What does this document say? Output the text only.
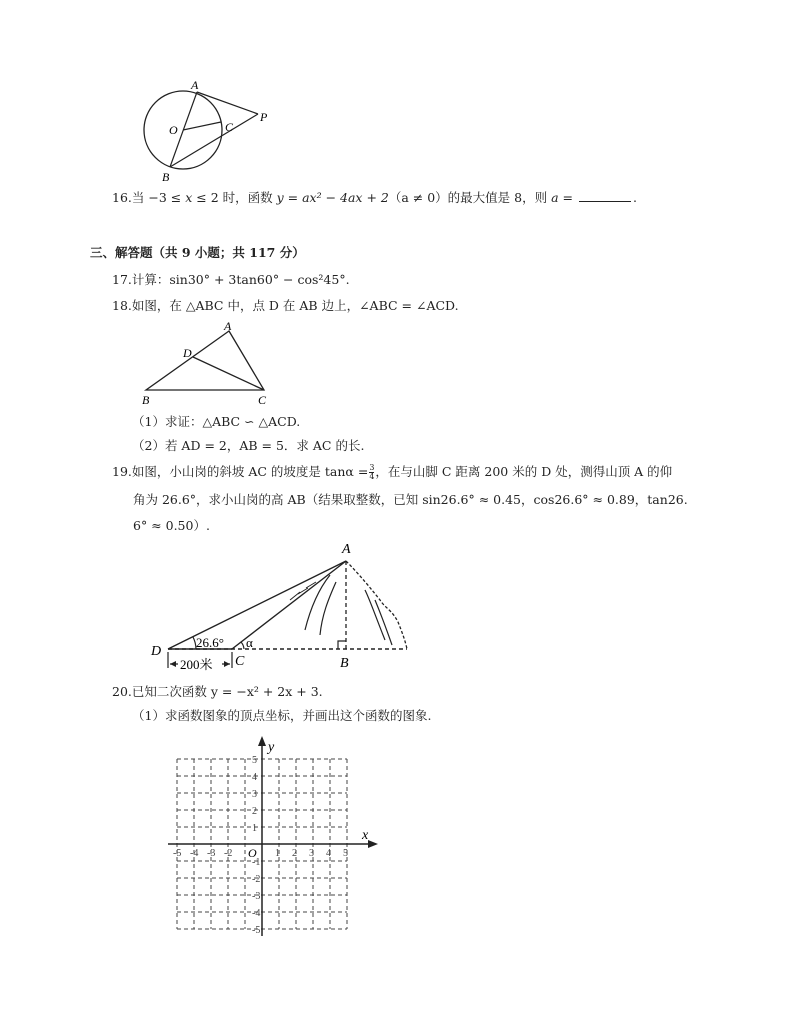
A
O	C
P
B
16.当 −3 ≤ x ≤ 2 时，函数 y = ax² − 4ax + 2（a ≠ 0）的最大值是 8，则 a =	.
三、解答题（共 9 小题；共 117 分）
17.计算：sin30° + 3tan60° − cos²45°.
18.如图，在 △ABC 中，点 D 在 AB 边上，∠ABC = ∠ACD.
A
D
B	C
（1）求证：△ABC ∽ △ACD.
（2）若 AD = 2，AB = 5．求 AC 的长.
19.如图，小山岗的斜坡 AC 的坡度是 $\tan\alpha = \frac{3}{4}$ ，在与山脚 C 距离 200 米的 D 处，测得山顶 A 的仰
角为 26.6°，求小山岗的高 AB（结果取整数，已知 sin26.6° ≈ 0.45，cos26.6° ≈ 0.89，tan26.
6° ≈ 0.50）.
A
D
C	B
26.6° α
200米
20.已知二次函数 y = −x² + 2x + 3.
（1）求函数图象的顶点坐标，并画出这个函数的图象.
-5 -4 -3 -2	1 2 3 4 5
5
4
3
2
1
-1
-2
-3
-4
-5
x
y
O
